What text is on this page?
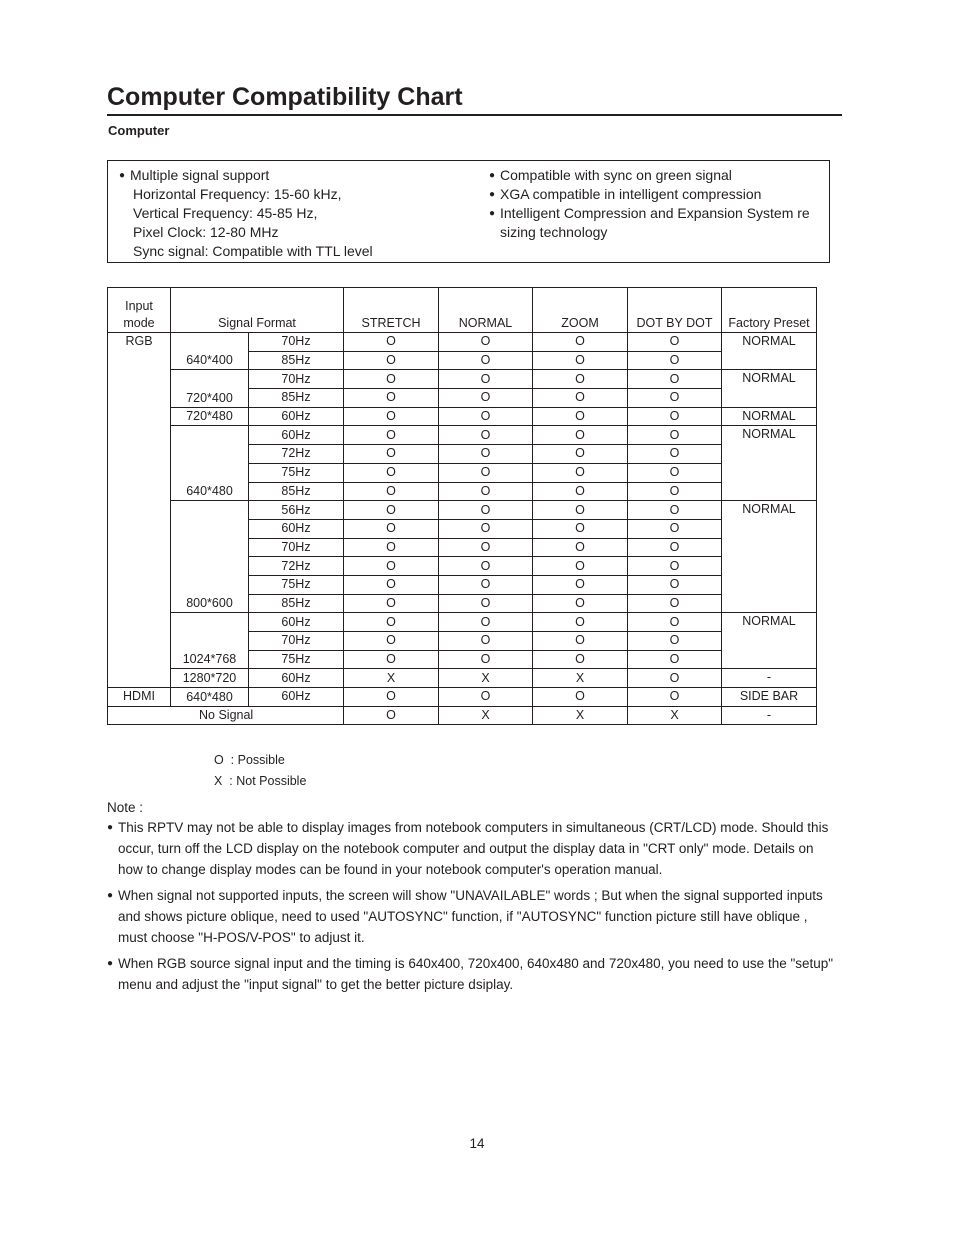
Computer Compatibility Chart
Computer
● Multiple signal support
Horizontal Frequency: 15-60 kHz,
Vertical Frequency: 45-85 Hz,
Pixel Clock: 12-80 MHz
Sync signal: Compatible with TTL level
● Compatible with sync on green signal
● XGA compatible in intelligent compression
● Intelligent Compression and Expansion System re sizing technology
Input mode	Signal Format		STRETCH	NORMAL	ZOOM	DOT BY DOT	Factory Preset
RGB	640*400	70Hz	O	O	O	O	NORMAL
		85Hz	O	O	O	O	
	720*400	70Hz	O	O	O	O	NORMAL
		85Hz	O	O	O	O	
	720*480	60Hz	O	O	O	O	NORMAL
	640*480	60Hz	O	O	O	O	NORMAL
		72Hz	O	O	O	O	
		75Hz	O	O	O	O	
		85Hz	O	O	O	O	
	800*600	56Hz	O	O	O	O	NORMAL
		60Hz	O	O	O	O	
		70Hz	O	O	O	O	
		72Hz	O	O	O	O	
		75Hz	O	O	O	O	
		85Hz	O	O	O	O	
	1024*768	60Hz	O	O	O	O	NORMAL
		70Hz	O	O	O	O	
		75Hz	O	O	O	O	
	1280*720	60Hz	X	X	X	O	-
HDMI	640*480	60Hz	O	O	O	O	SIDE BAR
No Signal			O	X	X	X	-
O  : Possible
X  : Not Possible
Note :
● This RPTV may not be able to display images from notebook computers in simultaneous (CRT/LCD) mode. Should this occur, turn off the LCD display on the notebook computer and output the display data in "CRT only" mode. Details on how to change display modes can be found in your notebook computer's operation manual.
● When signal not supported inputs, the screen will show "UNAVAILABLE" words ; But when the signal supported inputs and shows picture oblique, need to used "AUTOSYNC" function, if "AUTOSYNC" function picture still have oblique , must choose "H-POS/V-POS" to adjust it.
● When RGB source signal input and the timing is 640x400, 720x400, 640x480 and 720x480, you need to use the "setup" menu and adjust the "input signal" to get the better picture dsiplay.
14
